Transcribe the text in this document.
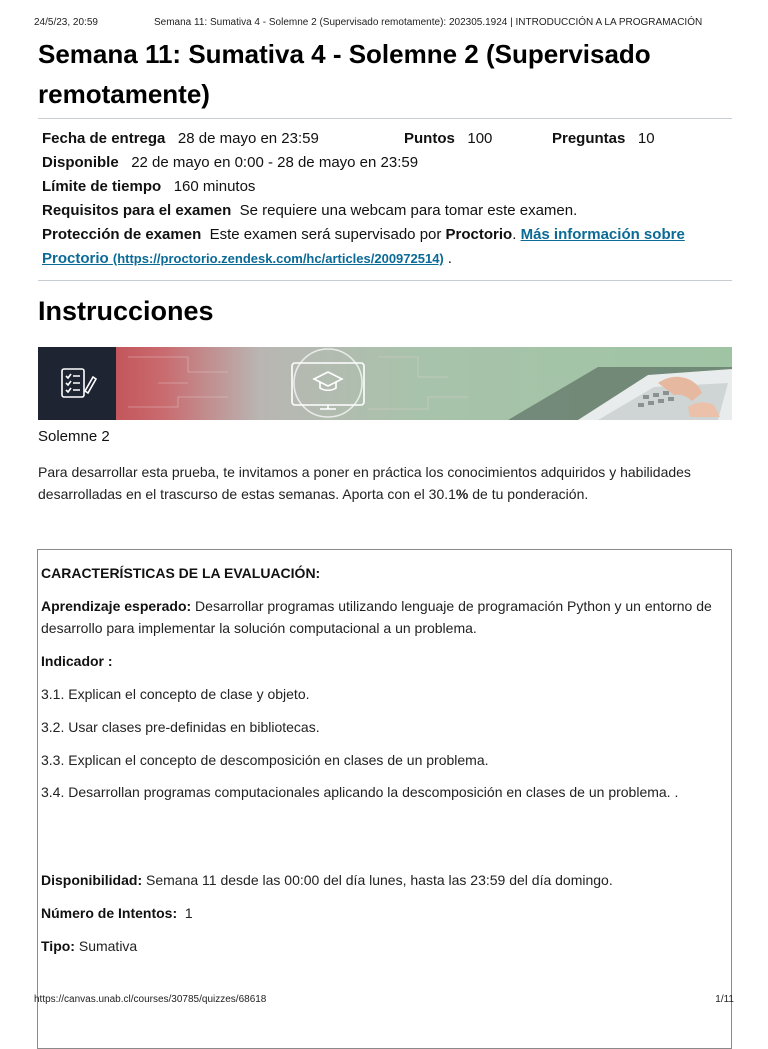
24/5/23, 20:59	Semana 11: Sumativa 4 - Solemne 2 (Supervisado remotamente): 202305.1924 | INTRODUCCIÓN A LA PROGRAMACIÓN
Semana 11: Sumativa 4 - Solemne 2 (Supervisado remotamente)
Fecha de entrega 28 de mayo en 23:59	Puntos 100	Preguntas 10
Disponible 22 de mayo en 0:00 - 28 de mayo en 23:59
Límite de tiempo 160 minutos
Requisitos para el examen Se requiere una webcam para tomar este examen.
Protección de examen Este examen será supervisado por Proctorio. Más información sobre Proctorio (https://proctorio.zendesk.com/hc/articles/200972514) .
Instrucciones
Solemne 2
Para desarrollar esta prueba, te invitamos a poner en práctica los conocimientos adquiridos y habilidades desarrolladas en el trascurso de estas semanas. Aporta con el 30.1% de tu ponderación.

CARACTERÍSTICAS DE LA EVALUACIÓN:

Aprendizaje esperado: Desarrollar programas utilizando lenguaje de programación Python y un entorno de desarrollo para implementar la solución computacional a un problema.

Indicador :

3.1. Explican el concepto de clase y objeto.

3.2. Usar clases pre-definidas en bibliotecas.

3.3. Explican el concepto de descomposición en clases de un problema.

3.4. Desarrollan programas computacionales aplicando la descomposición en clases de un problema. .

Disponibilidad: Semana 11 desde las 00:00 del día lunes, hasta las 23:59 del día domingo.

Número de Intentos: 1

Tipo: Sumativa

https://canvas.unab.cl/courses/30785/quizzes/68618	1/11
